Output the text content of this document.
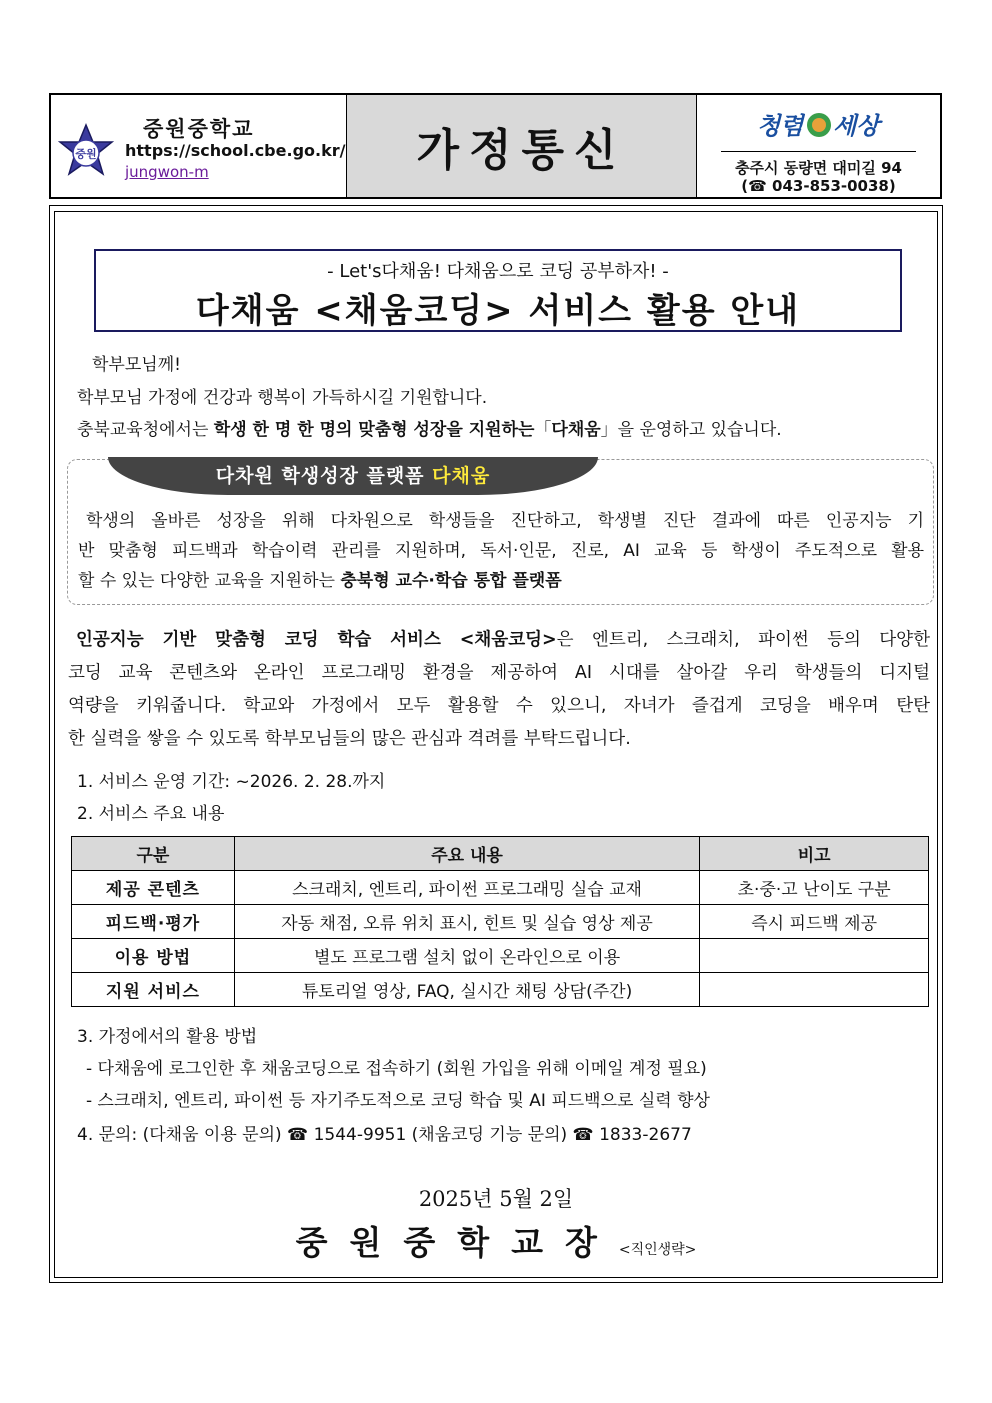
중원
중원중학교
https://school.cbe.go.kr/
jungwon-m	가정통신	청렴 세상
충주시 동량면 대미길 94
(☎ 043-853-0038)
- Let's다채움! 다채움으로 코딩 공부하자! -
다채움 <채움코딩> 서비스 활용 안내
학부모님께!
학부모님 가정에 건강과 행복이 가득하시길 기원합니다.
충북교육청에서는 학생 한 명 한 명의 맞춤형 성장을 지원하는「다채움」을 운영하고 있습니다.
다차원 학생성장 플랫폼 다채움
학생의 올바른 성장을 위해 다차원으로 학생들을 진단하고, 학생별 진단 결과에 따른 인공지능 기
반 맞춤형 피드백과 학습이력 관리를 지원하며, 독서·인문, 진로, AI 교육 등 학생이 주도적으로 활용
할 수 있는 다양한 교육을 지원하는 충북형 교수·학습 통합 플랫폼
인공지능 기반 맞춤형 코딩 학습 서비스 <채움코딩>은 엔트리, 스크래치, 파이썬 등의 다양한
코딩 교육 콘텐츠와 온라인 프로그래밍 환경을 제공하여 AI 시대를 살아갈 우리 학생들의 디지털
역량을 키워줍니다. 학교와 가정에서 모두 활용할 수 있으니, 자녀가 즐겁게 코딩을 배우며 탄탄
한 실력을 쌓을 수 있도록 학부모님들의 많은 관심과 격려를 부탁드립니다.
1. 서비스 운영 기간: ~2026. 2. 28.까지
2. 서비스 주요 내용
구분	주요 내용	비고
제공 콘텐츠	스크래치, 엔트리, 파이썬 프로그래밍 실습 교재	초·중·고 난이도 구분
피드백·평가	자동 채점, 오류 위치 표시, 힌트 및 실습 영상 제공	즉시 피드백 제공
이용 방법	별도 프로그램 설치 없이 온라인으로 이용	
지원 서비스	튜토리얼 영상, FAQ, 실시간 채팅 상담(주간)	
3. 가정에서의 활용 방법
- 다채움에 로그인한 후 채움코딩으로 접속하기 (회원 가입을 위해 이메일 계정 필요)
- 스크래치, 엔트리, 파이썬 등 자기주도적으로 코딩 학습 및 AI 피드백으로 실력 향상
4. 문의: (다채움 이용 문의) ☎ 1544-9951 (채움코딩 기능 문의) ☎ 1833-2677
2025년 5월 2일
중원중학교장<직인생략>
